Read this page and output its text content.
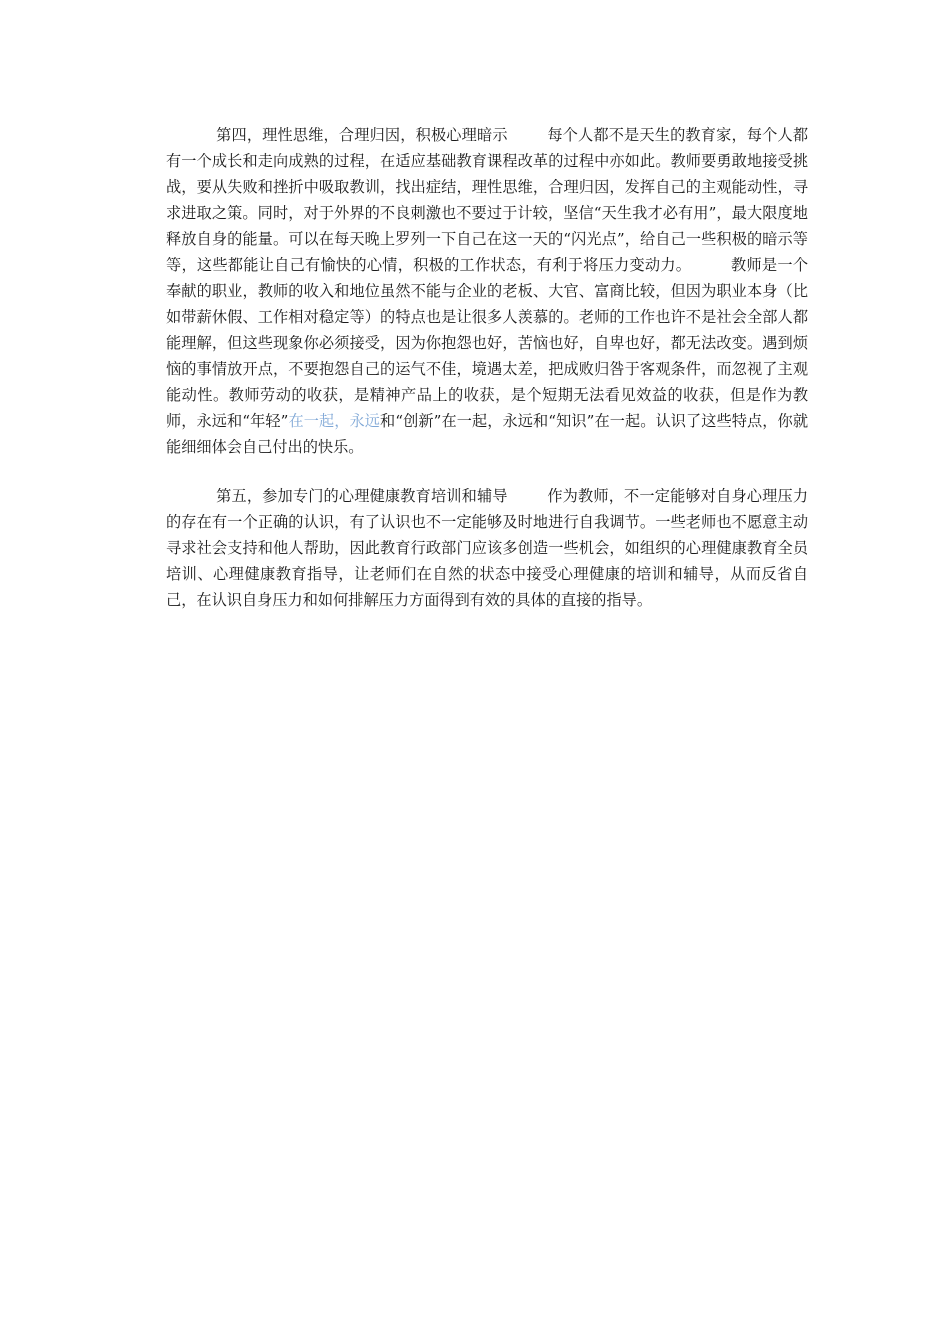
第四，理性思维，合理归因，积极心理暗示	每个人都不是天生的教育家，每个人都有一个成长和走向成熟的过程，在适应基础教育课程改革的过程中亦如此。教师要勇敢地接受挑战，要从失败和挫折中吸取教训，找出症结，理性思维，合理归因，发挥自己的主观能动性，寻求进取之策。同时，对于外界的不良刺激也不要过于计较，坚信“天生我才必有用”，最大限度地释放自身的能量。可以在每天晚上罗列一下自己在这一天的“闪光点”，给自己一些积极的暗示等等，这些都能让自己有愉快的心情，积极的工作状态，有利于将压力变动力。	教师是一个奉献的职业，教师的收入和地位虽然不能与企业的老板、大官、富商比较，但因为职业本身（比如带薪休假、工作相对稳定等）的特点也是让很多人羡慕的。老师的工作也许不是社会全部人都能理解，但这些现象你必须接受，因为你抱怨也好，苦恼也好，自卑也好，都无法改变。遇到烦恼的事情放开点，不要抱怨自己的运气不佳，境遇太差，把成败归咎于客观条件，而忽视了主观能动性。教师劳动的收获，是精神产品上的收获，是个短期无法看见效益的收获，但是作为教师，永远和“年轻”在一起，永远和“创新”在一起，永远和“知识”在一起。认识了这些特点，你就能细细体会自己付出的快乐。

第五，参加专门的心理健康教育培训和辅导	作为教师，不一定能够对自身心理压力的存在有一个正确的认识，有了认识也不一定能够及时地进行自我调节。一些老师也不愿意主动寻求社会支持和他人帮助，因此教育行政部门应该多创造一些机会，如组织的心理健康教育全员培训、心理健康教育指导，让老师们在自然的状态中接受心理健康的培训和辅导，从而反省自己，在认识自身压力和如何排解压力方面得到有效的具体的直接的指导。
